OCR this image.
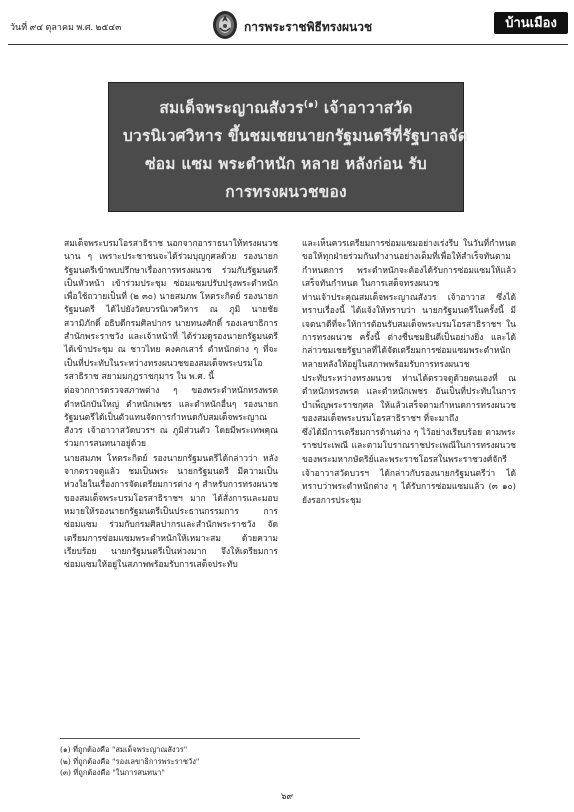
วันที่ ๙๔ ตุลาคม พ.ศ. ๒๕๔๓	การพระราชพิธีทรงผนวช	บ้านเมือง
สมเด็จพระญาณสังวร$^{(๑)}$ เจ้าอาวาสวัด
บวรนิเวศวิหาร ขึ้นชมเชยนายกรัฐมนตรีที่รัฐบาลจัด
ซ่อม แซม พระตำหนัก หลาย หลังก่อน รับ
การทรงผนวชของ

สมเด็จพระบรมโอรสาธิราช นอกจากอาราธนาให้ทรงผนวชนาน ๆ เพราะประชาชนจะได้ร่วมบุญกุศลด้วย รองนายกรัฐมนตรีเข้าพบปรึกษาเรื่องการทรงผนวช ร่วมกับรัฐมนตรีเป็นหัวหน้า เข้าร่วมประชุม ซ่อมแซมปรับปรุงพระตำหนักเพื่อใช้ถวายเป็นที่ (๒ ๓๐) นายสมภพ โหตระกิตย์ รองนายกรัฐมนตรี ได้ไปยังวัดบวรนิเวศวิหาร ณ ภูมิ นายชัย สวามิภักดิ์ อธิบดีกรมศิลปากร นายทนงศักดิ์ รองเลขาธิการสำนักพระราชวัง และเจ้าหน้าที่ ได้ร่วมดูรองนายกรัฐมนตรีได้เข้าประชุม ณ ชาวไทย คงคกเสาร์ ตำหนักต่าง ๆ ที่จะเป็นที่ประทับในระหว่างทรงผนวชของสมเด็จพระบรมโอรสาธิราช สยามมกุฎราชกุมาร ใน พ.ศ. นี้

ต่อจากการตรวจสภาพต่าง ๆ ของพระตำหนักทรงพรต ตำหนักบันใหญ่ ตำหนักเพชร และตำหนักอื่นๆ รองนายกรัฐมนตรีได้เป็นตัวแทนจัดการกำหนดกับสมเด็จพระญาณสังวร เจ้าอาวาสวัดบวรฯ ณ ภูมิส่วนตัว โดยมีพระเทพคุณ ร่วมการสนทนาอยู่ด้วย

นายสมภพ โหตระกิตย์ รองนายกรัฐมนตรีได้กล่าวว่า หลังจากตรวจดูแล้ว ชมเป็นพระ นายกรัฐมนตรี มีความเป็นห่วงใยในเรื่องการจัดเตรียมการต่าง ๆ สำหรับการทรงผนวชของสมเด็จพระบรมโอรสาธิราชฯ มาก ได้สั่งการและมอบหมายให้รองนายกรัฐมนตรีเป็นประธานกรรมการ การซ่อมแซม ร่วมกับกรมศิลปากรและสำนักพระราชวัง จัดเตรียมการซ่อมแซมพระตำหนักให้เหมาะสม ด้วยความเรียบร้อย นายกรัฐมนตรีเป็นห่วงมาก จึงให้เตรียมการซ่อมแซมให้อยู่ในสภาพพร้อมรับการเสด็จประทับ

และเห็นควรเตรียมการซ่อมแซมอย่างเร่งรีบ ในวันที่กำหนด ขอให้ทุกฝ่ายร่วมกันทำงานอย่างเต็มที่เพื่อให้สำเร็จทันตามกำหนดการ พระตำหนักจะต้องได้รับการซ่อมแซมให้แล้วเสร็จทันกำหนด ในการเสด็จทรงผนวช

ท่านเจ้าประคุณสมเด็จพระญาณสังวร เจ้าอาวาส ซึ่งได้ทราบเรื่องนี้ ได้แจ้งให้ทราบว่า นายกรัฐมนตรีในครั้งนี้ มีเจตนาดีที่จะให้การต้อนรับสมเด็จพระบรมโอรสาธิราชฯ ในการทรงผนวช ครั้งนี้ ต่างชื่นชมยินดีเป็นอย่างยิ่ง และได้กล่าวชมเชยรัฐบาลที่ได้จัดเตรียมการซ่อมแซมพระตำหนักหลายหลังให้อยู่ในสภาพพร้อมรับการทรงผนวช

ประทับระหว่างทรงผนวช ท่านได้ตรวจดูด้วยตนเองที่ ณ ตำหนักทรงพรต และตำหนักเพชร อันเป็นที่ประทับในการบำเพ็ญพระราชกุศล ให้แล้วเสร็จตามกำหนดการทรงผนวชของสมเด็จพระบรมโอรสาธิราชฯ ที่จะมาถึง

ซึ่งได้มีการเตรียมการด้านต่าง ๆ ไว้อย่างเรียบร้อย ตามพระราชประเพณี และตามโบราณราชประเพณีในการทรงผนวชของพระมหากษัตริย์และพระราชโอรสในพระราชวงศ์จักรี

เจ้าอาวาสวัดบวรฯ ได้กล่าวกับรองนายกรัฐมนตรีว่า ได้ทราบว่าพระตำหนักต่าง ๆ ได้รับการซ่อมแซมแล้ว (๓ ๑๐) ยังรอการประชุม

(๑) ที่ถูกต้องคือ "สมเด็จพระญาณสังวร"
(๒) ที่ถูกต้องคือ "รองเลขาธิการพระราชวัง"
(๓) ที่ถูกต้องคือ "ในการสนทนา"
๖๙
